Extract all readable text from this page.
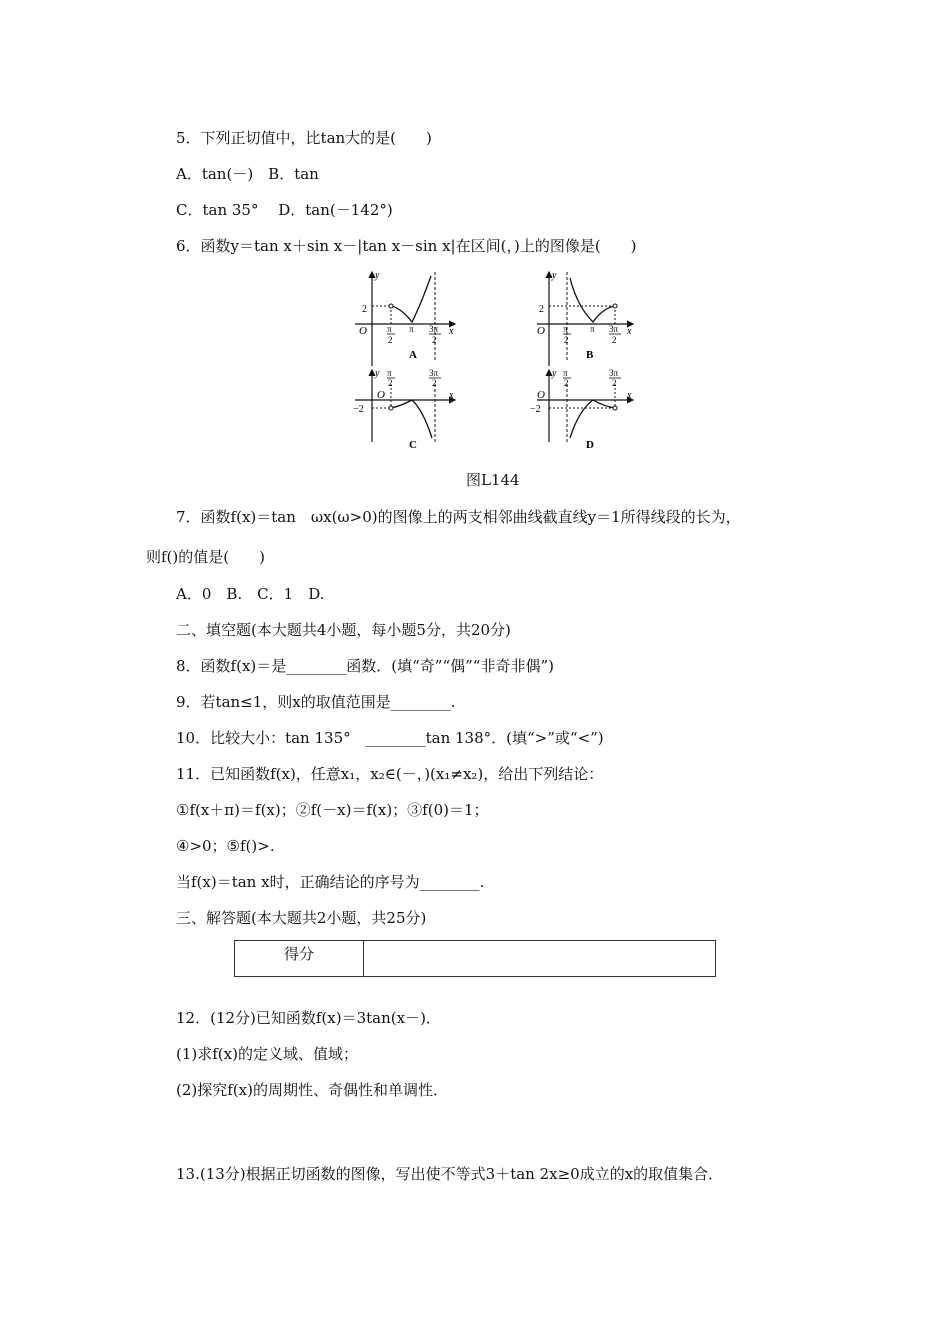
5．下列正切值中，比tan大的是(　　)
A．tan(－)　B．tan
C．tan 35°　 D．tan(－142°)
6．函数y＝tan x＋sin x－|tan x－sin x|在区间(，)上的图像是(　　)
y
x
O
2
π
2
π 3π
2
A
y
x
O
2
π
2
π 3π
2
B
y
x
O
−2
π
2
3π
2
C
y
x
O
−2
π
2
3π
2
D
图L144
7．函数f(x)＝tan　ωx(ω>0)的图像上的两支相邻曲线截直线y＝1所得线段的长为，
则f()的值是(　　)
A．0　B.　C．1　D.
二、填空题(本大题共4小题，每小题5分，共20分)
8．函数f(x)＝是________函数．(填“奇”“偶”“非奇非偶”)
9．若tan≤1，则x的取值范围是________.
10．比较大小：tan 135°　________tan 138°．(填“>”或“<”)
11．已知函数f(x)，任意x₁，x₂∈(－，)(x₁≠x₂)，给出下列结论：
①f(x＋π)＝f(x)；②f(－x)＝f(x)；③f(0)＝1；
④>0；⑤f()>.
当f(x)＝tan x时，正确结论的序号为________.
三、解答题(本大题共2小题，共25分)
得分	
12．(12分)已知函数f(x)＝3tan(x－)．
(1)求f(x)的定义域、值域；
(2)探究f(x)的周期性、奇偶性和单调性．
13.(13分)根据正切函数的图像，写出使不等式3＋tan 2x≥0成立的x的取值集合．
